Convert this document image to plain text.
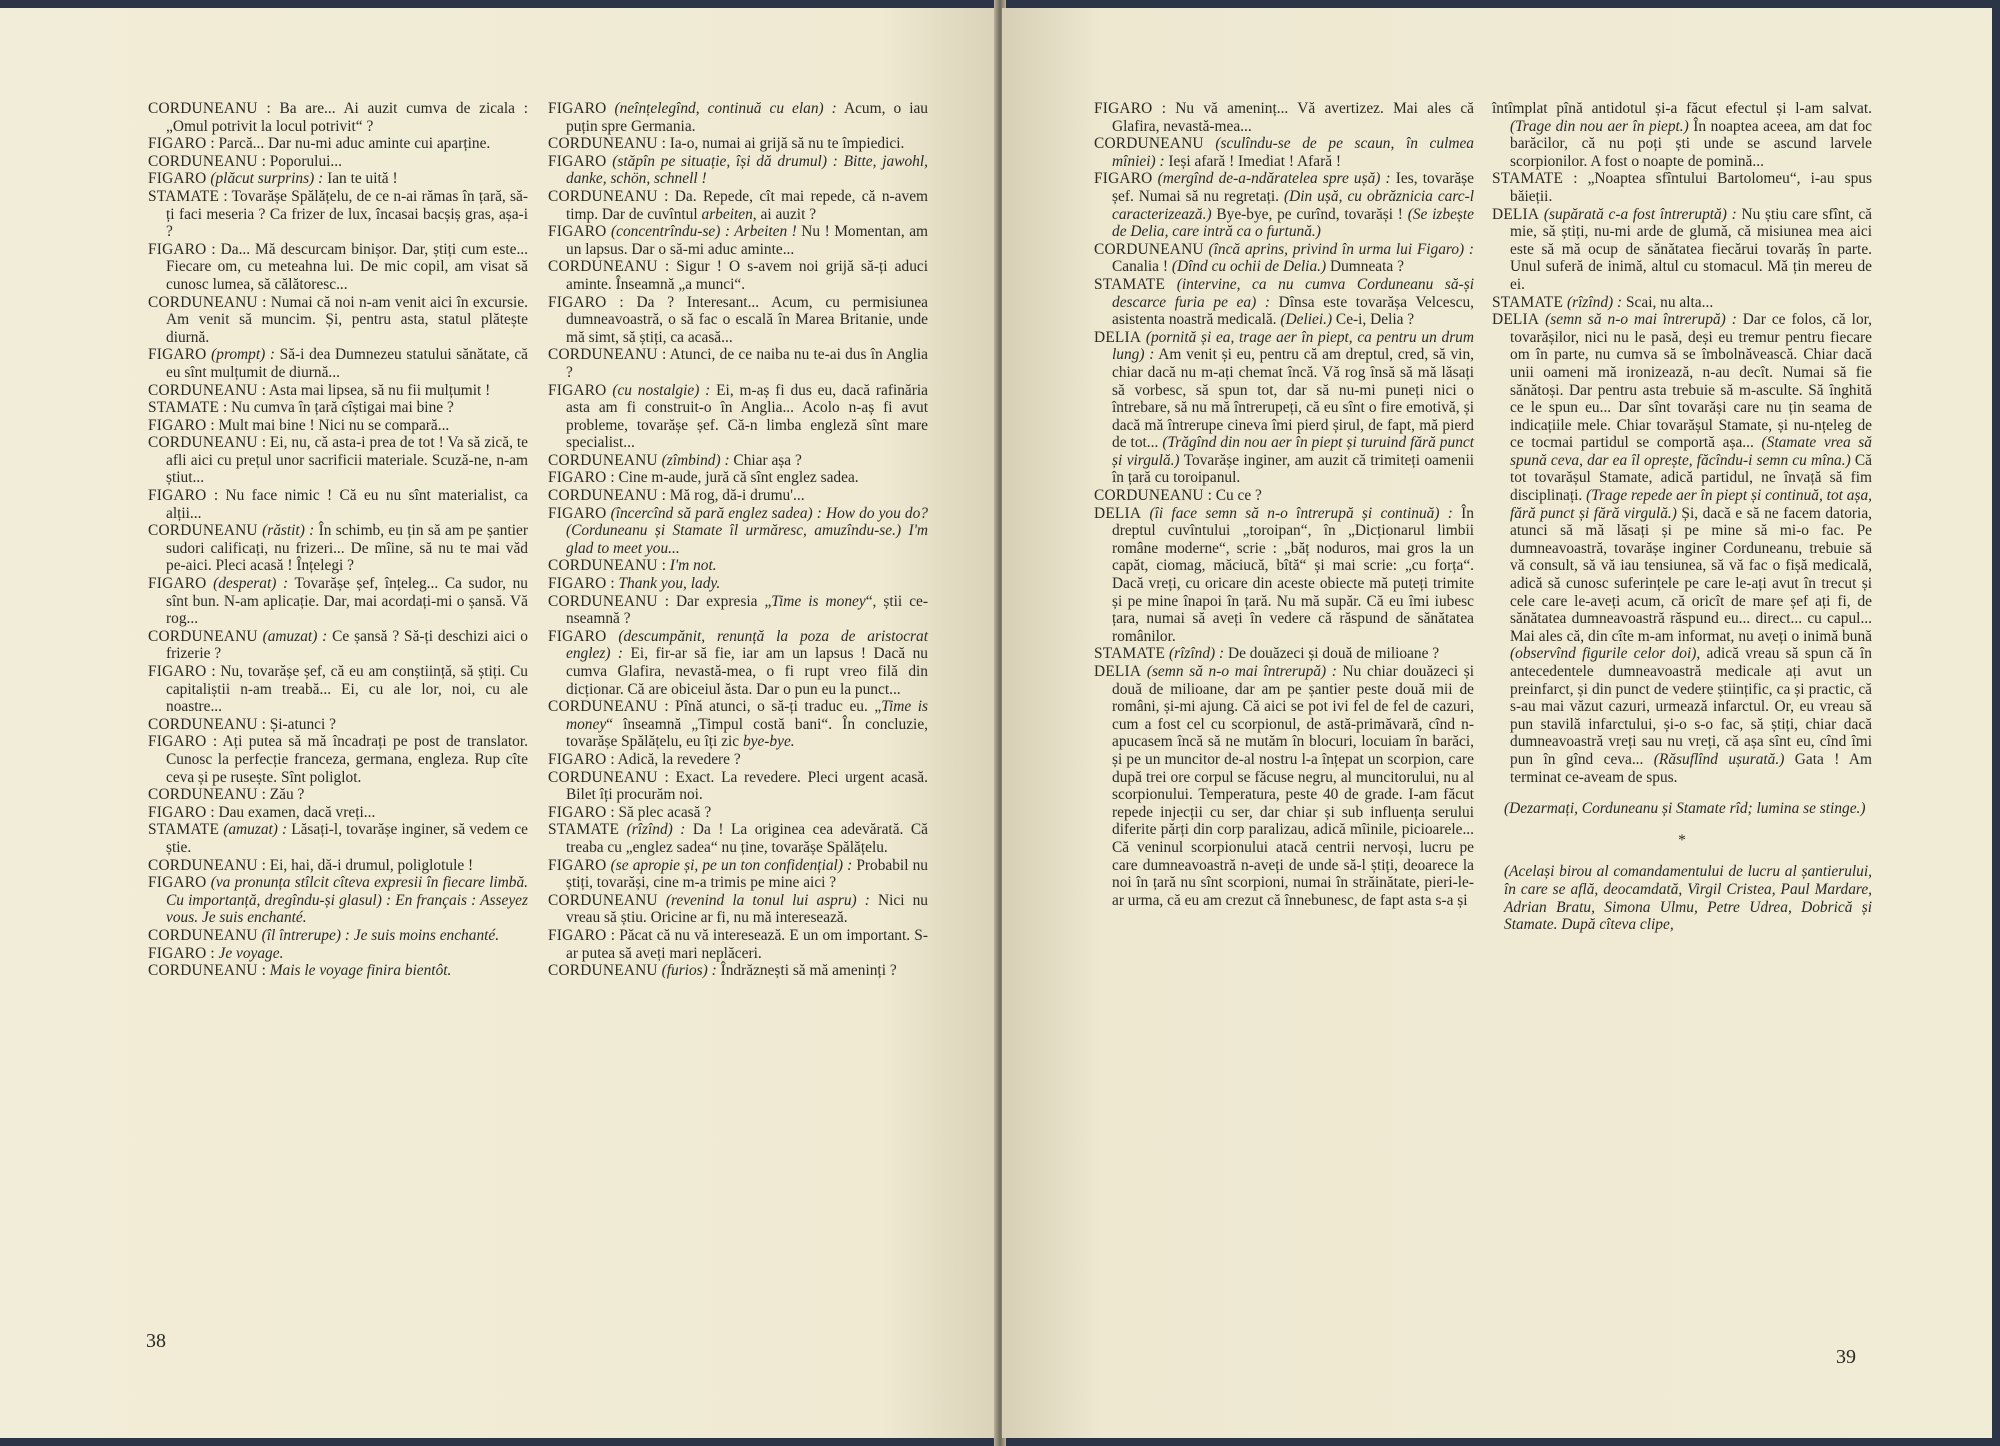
CORDUNEANU : Ba are... Ai auzit cumva de zicala : „Omul potrivit la locul potrivit“ ?

FIGARO : Parcă... Dar nu-mi aduc aminte cui aparține.

CORDUNEANU : Poporului...

FIGARO (plăcut surprins) : Ian te uită !

STAMATE : Tovarășe Spălățelu, de ce n-ai rămas în țară, să-ți faci meseria ? Ca frizer de lux, încasai bacșiș gras, așa-i ?

FIGARO : Da... Mă descurcam binișor. Dar, știți cum este... Fiecare om, cu meteahna lui. De mic copil, am visat să cunosc lumea, să călătoresc...

CORDUNEANU : Numai că noi n-am venit aici în excursie. Am venit să muncim. Și, pentru asta, statul plătește diurnă.

FIGARO (prompt) : Să-i dea Dumnezeu statului sănătate, că eu sînt mulțumit de diurnă...

CORDUNEANU : Asta mai lipsea, să nu fii mulțumit !

STAMATE : Nu cumva în țară cîștigai mai bine ?

FIGARO : Mult mai bine ! Nici nu se compară...

CORDUNEANU : Ei, nu, că asta-i prea de tot ! Va să zică, te afli aici cu prețul unor sacrificii materiale. Scuză-ne, n-am știut...

FIGARO : Nu face nimic ! Că eu nu sînt materialist, ca alții...

CORDUNEANU (răstit) : În schimb, eu țin să am pe șantier sudori calificați, nu frizeri... De mîine, să nu te mai văd pe-aici. Pleci acasă ! Înțelegi ?

FIGARO (desperat) : Tovarășe șef, înțeleg... Ca sudor, nu sînt bun. N-am aplicație. Dar, mai acordați-mi o șansă. Vă rog...

CORDUNEANU (amuzat) : Ce șansă ? Să-ți deschizi aici o frizerie ?

FIGARO : Nu, tovarășe șef, că eu am conștiință, să știți. Cu capitaliștii n-am treabă... Ei, cu ale lor, noi, cu ale noastre...

CORDUNEANU : Și-atunci ?

FIGARO : Ați putea să mă încadrați pe post de translator. Cunosc la perfecție franceza, germana, engleza. Rup cîte ceva și pe rusește. Sînt poliglot.

CORDUNEANU : Zău ?

FIGARO : Dau examen, dacă vreți...

STAMATE (amuzat) : Lăsați-l, tovarășe inginer, să vedem ce știe.

CORDUNEANU : Ei, hai, dă-i drumul, poliglotule !

FIGARO (va pronunța stîlcit cîteva expresii în fiecare limbă. Cu importanță, dregîndu-și glasul) : En français : Asseyez vous. Je suis enchanté.

CORDUNEANU (îl întrerupe) : Je suis moins enchanté.

FIGARO : Je voyage.

CORDUNEANU : Mais le voyage finira bientôt.

FIGARO (neînțelegînd, continuă cu elan) : Acum, o iau puțin spre Germania.

CORDUNEANU : Ia-o, numai ai grijă să nu te împiedici.

FIGARO (stăpîn pe situație, își dă drumul) : Bitte, jawohl, danke, schön, schnell !

CORDUNEANU : Da. Repede, cît mai repede, că n-avem timp. Dar de cuvîntul arbeiten, ai auzit ?

FIGARO (concentrîndu-se) : Arbeiten ! Nu ! Momentan, am un lapsus. Dar o să-mi aduc aminte...

CORDUNEANU : Sigur ! O s-avem noi grijă să-ți aduci aminte. Înseamnă „a munci“.

FIGARO : Da ? Interesant... Acum, cu permisiunea dumneavoastră, o să fac o escală în Marea Britanie, unde mă simt, să știți, ca acasă...

CORDUNEANU : Atunci, de ce naiba nu te-ai dus în Anglia ?

FIGARO (cu nostalgie) : Ei, m-aș fi dus eu, dacă rafinăria asta am fi construit-o în Anglia... Acolo n-aș fi avut probleme, tovarășe șef. Că-n limba engleză sînt mare specialist...

CORDUNEANU (zîmbind) : Chiar așa ?

FIGARO : Cine m-aude, jură că sînt englez sadea.

CORDUNEANU : Mă rog, dă-i drumu'...

FIGARO (încercînd să pară englez sadea) : How do you do? (Corduneanu și Stamate îl urmăresc, amuzîndu-se.) I'm glad to meet you...

CORDUNEANU : I'm not.

FIGARO : Thank you, lady.

CORDUNEANU : Dar expresia „Time is money“, știi ce-nseamnă ?

FIGARO (descumpănit, renunță la poza de aristocrat englez) : Ei, fir-ar să fie, iar am un lapsus ! Dacă nu cumva Glafira, nevastă-mea, o fi rupt vreo filă din dicționar. Că are obiceiul ăsta. Dar o pun eu la punct...

CORDUNEANU : Pînă atunci, o să-ți traduc eu. „Time is money“ înseamnă „Timpul costă bani“. În concluzie, tovarășe Spălățelu, eu îți zic bye-bye.

FIGARO : Adică, la revedere ?

CORDUNEANU : Exact. La revedere. Pleci urgent acasă. Bilet îți procurăm noi.

FIGARO : Să plec acasă ?

STAMATE (rîzînd) : Da ! La originea cea adevărată. Că treaba cu „englez sadea“ nu ține, tovarășe Spălățelu.

FIGARO (se apropie și, pe un ton confidențial) : Probabil nu știți, tovarăși, cine m-a trimis pe mine aici ?

CORDUNEANU (revenind la tonul lui aspru) : Nici nu vreau să știu. Oricine ar fi, nu mă interesează.

FIGARO : Păcat că nu vă interesează. E un om important. S-ar putea să aveți mari neplăceri.

CORDUNEANU (furios) : Îndrăznești să mă ameninți ?

38

FIGARO : Nu vă ameninț... Vă avertizez. Mai ales că Glafira, nevastă-mea...

CORDUNEANU (sculîndu-se de pe scaun, în culmea mîniei) : Ieși afară ! Imediat ! Afară !

FIGARO (mergînd de-a-ndăratelea spre ușă) : Ies, tovarășe șef. Numai să nu regretați. (Din ușă, cu obrăznicia carc-l caracterizează.) Bye-bye, pe curînd, tovarăși ! (Se izbește de Delia, care intră ca o furtună.)

CORDUNEANU (încă aprins, privind în urma lui Figaro) : Canalia ! (Dînd cu ochii de Delia.) Dumneata ?

STAMATE (intervine, ca nu cumva Corduneanu să-și descarce furia pe ea) : Dînsa este tovarășa Velcescu, asistenta noastră medicală. (Deliei.) Ce-i, Delia ?

DELIA (pornită și ea, trage aer în piept, ca pentru un drum lung) : Am venit și eu, pentru că am dreptul, cred, să vin, chiar dacă nu m-ați chemat încă. Vă rog însă să mă lăsați să vorbesc, să spun tot, dar să nu-mi puneți nici o întrebare, să nu mă întrerupeți, că eu sînt o fire emotivă, și dacă mă întrerupe cineva îmi pierd șirul, de fapt, mă pierd de tot... (Trăgînd din nou aer în piept și turuind fără punct și virgulă.) Tovarășe inginer, am auzit că trimiteți oamenii în țară cu toroipanul.

CORDUNEANU : Cu ce ?

DELIA (îi face semn să n-o întrerupă și continuă) : În dreptul cuvîntului „toroipan“, în „Dicționarul limbii române moderne“, scrie : „băț noduros, mai gros la un capăt, ciomag, măciucă, bîtă“ și mai scrie: „cu forța“. Dacă vreți, cu oricare din aceste obiecte mă puteți trimite și pe mine înapoi în țară. Nu mă supăr. Că eu îmi iubesc țara, numai să aveți în vedere că răspund de sănătatea românilor.

STAMATE (rîzînd) : De douăzeci și două de milioane ?

DELIA (semn să n-o mai întrerupă) : Nu chiar douăzeci și două de milioane, dar am pe șantier peste două mii de români, și-mi ajung. Că aici se pot ivi fel de fel de cazuri, cum a fost cel cu scorpionul, de astă-primăvară, cînd n-apucasem încă să ne mutăm în blocuri, locuiam în barăci, și pe un muncitor de-al nostru l-a înțepat un scorpion, care după trei ore corpul se făcuse negru, al muncitorului, nu al scorpionului. Temperatura, peste 40 de grade. I-am făcut repede injecții cu ser, dar chiar și sub influența serului diferite părți din corp paralizau, adică mîinile, picioarele... Că veninul scorpionului atacă centrii nervoși, lucru pe care dumneavoastră n-aveți de unde să-l știți, deoarece la noi în țară nu sînt scorpioni, numai în străinătate, pieri-le-ar urma, că eu am crezut că înnebunesc, de fapt asta s-a și

întîmplat pînă antidotul și-a făcut efectul și l-am salvat. (Trage din nou aer în piept.) În noaptea aceea, am dat foc barăcilor, că nu poți ști unde se ascund larvele scorpionilor. A fost o noapte de pomină...

STAMATE : „Noaptea sfîntului Bartolomeu“, i-au spus băieții.

DELIA (supărată c-a fost întreruptă) : Nu știu care sfînt, că mie, să știți, nu-mi arde de glumă, că misiunea mea aici este să mă ocup de sănătatea fiecărui tovarăș în parte. Unul suferă de inimă, altul cu stomacul. Mă țin mereu de ei.

STAMATE (rîzînd) : Scai, nu alta...

DELIA (semn să n-o mai întrerupă) : Dar ce folos, că lor, tovarășilor, nici nu le pasă, deși eu tremur pentru fiecare om în parte, nu cumva să se îmbolnăvească. Chiar dacă unii oameni mă ironizează, n-au decît. Numai să fie sănătoși. Dar pentru asta trebuie să m-asculte. Să înghită ce le spun eu... Dar sînt tovarăși care nu țin seama de indicațiile mele. Chiar tovarășul Stamate, și nu-nțeleg de ce tocmai partidul se comportă așa... (Stamate vrea să spună ceva, dar ea îl oprește, făcîndu-i semn cu mîna.) Că tot tovarășul Stamate, adică partidul, ne învață să fim disciplinați. (Trage repede aer în piept și continuă, tot așa, fără punct și fără virgulă.) Și, dacă e să ne facem datoria, atunci să mă lăsați și pe mine să mi-o fac. Pe dumneavoastră, tovarășe inginer Corduneanu, trebuie să vă consult, să vă iau tensiunea, să vă fac o fișă medicală, adică să cunosc suferințele pe care le-ați avut în trecut și cele care le-aveți acum, că oricît de mare șef ați fi, de sănătatea dumneavoastră răspund eu... direct... cu capul... Mai ales că, din cîte m-am informat, nu aveți o inimă bună (observînd figurile celor doi), adică vreau să spun că în antecedentele dumneavoastră medicale ați avut un preinfarct, și din punct de vedere științific, ca și practic, că s-au mai văzut cazuri, urmează infarctul. Or, eu vreau să pun stavilă infarctului, și-o s-o fac, să știți, chiar dacă dumneavoastră vreți sau nu vreți, că așa sînt eu, cînd îmi pun în gînd ceva... (Răsuflînd ușurată.) Gata ! Am terminat ce-aveam de spus.

(Dezarmați, Corduneanu și Stamate rîd; lumina se stinge.)

*

(Același birou al comandamentului de lucru al șantierului, în care se află, deocamdată, Virgil Cristea, Paul Mardare, Adrian Bratu, Simona Ulmu, Petre Udrea, Dobrică și Stamate. După cîteva clipe,

39
